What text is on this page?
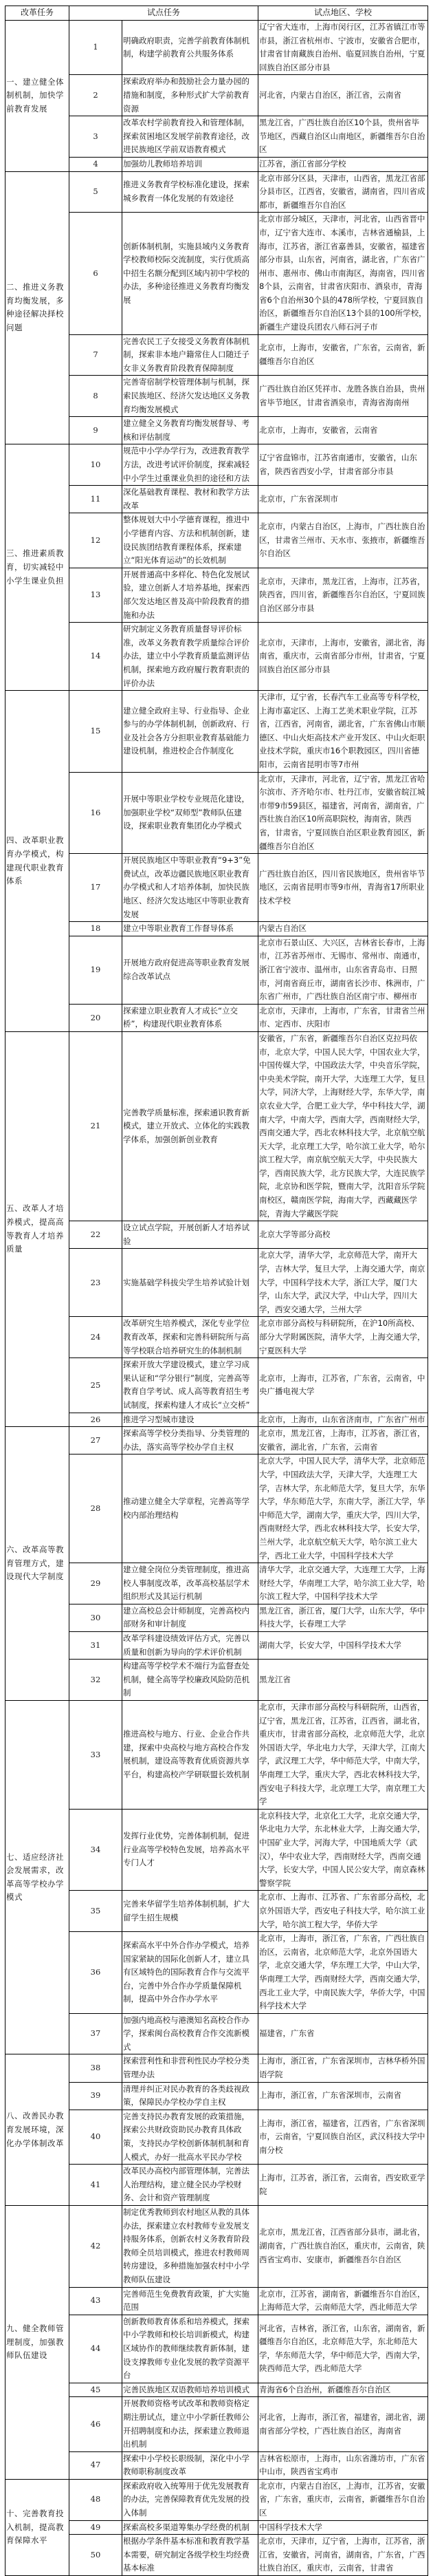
改革任务	试点任务		试点地区、学校
一、建立健全体制机制，加快学前教育发展	1	明确政府职责，完善学前教育体制机制，构建学前教育公共服务体系	辽宁省大连市，上海市闵行区，江苏省镇江市等市县，浙江省杭州市、宁波市，安徽省合肥市，甘肃省甘南藏族自治州、临夏回族自治州，宁夏回族自治区部分市县
	2	探索政府举办和鼓励社会力量办园的措施和制度，多种形式扩大学前教育资源	河北省，内蒙古自治区，浙江省，云南省
	3	改革农村学前教育投入和管理体制，探索贫困地区发展学前教育途径，改进民族地区学前双语教育模式	黑龙江省，广西壮族自治区10个县，贵州省毕节地区，西藏自治区山南地区，新疆维吾尔自治区
	4	加强幼儿教师培养培训	江苏省，浙江省部分学校
二、推进义务教育均衡发展，多种途径解决择校问题	5	推进义务教育学校标准化建设，探索城乡教育一体化发展的有效途径	北京市部分区县，天津市，山西省，黑龙江省部分县市区，江西省，安徽省，湖南省，四川省成都市，新疆维吾尔自治区
	6	创新体制机制，实施县域内义务教育学校教师校际交流制度，实行优质高中招生名额分配到区域内初中学校的办法，多种途径推进义务教育均衡发展	北京市部分城区，天津市，河北省，山西省晋中市，辽宁省大连市、本溪市，吉林省通榆县，上海市，江苏省，浙江省嘉善县，安徽省，福建省部分市县，山东省，河南省，湖北省，广东省广州市、惠州市、佛山市南海区，海南省，四川省8个县，云南省，甘肃省庆阳市、酒泉市，青海省6个自治州30个县的478所学校，宁夏回族自治区，新疆维吾尔自治区13个县的100所学校，新疆生产建设兵团农八师石河子市
	7	完善农民工子女接受义务教育体制机制，探索非本地户籍常住人口随迁子女非义务教育阶段教育保障制度	北京市，上海市，安徽省，广东省，云南省，新疆维吾尔自治区
	8	完善寄宿制学校管理体制与机制，探索民族地区、经济欠发达地区义务教育均衡发展模式	广西壮族自治区凭祥市、龙胜各族自治县，贵州省毕节地区，甘肃省酒泉市，青海省海南州
	9	建立健全义务教育均衡发展督导、考核和评估制度	北京市，上海市，安徽省，云南省
三、推进素质教育，切实减轻中小学生课业负担	10	规范中小学办学行为，改进教育教学方法，改进考试评价制度，探索减轻中小学生过重课业负担的途径和方法	辽宁省盘锦市，江苏省南通市，安徽省，山东省，陕西省西安小学，甘肃省部分市县
	11	深化基础教育课程、教材和教学方法改革	北京市，广东省深圳市
	12	整体规划大中小学德育课程，推进中小学德育内容、方法和机制创新，建设民族团结教育课程体系，探索建立“阳光体育运动”的长效机制	北京市，内蒙古自治区，上海市，广西壮族自治区，甘肃省兰州市、天水市、张掖市，新疆维吾尔自治区
	13	开展普通高中多样化、特色化发展试验，建立创新人才培养基地，探索西部欠发达地区普及高中阶段教育的措施和办法	北京市，天津市，黑龙江省，上海市，江苏省，陕西省，四川省，新疆维吾尔自治区，宁夏回族自治区部分市县
	14	研究制定义务教育质量督导评价标准，改革义务教育教学质量综合评价办法，建立中小学教育质量监测评估机制，探索地方政府履行教育职责的评价办法	北京市，天津市，上海市，安徽省，湖北省，海南省，重庆市，云南省部分市州，甘肃省，宁夏回族自治区部分市县
四、改革职业教育办学模式，构建现代职业教育体系	15	建立健全政府主导、行业指导、企业参与的办学体制机制，创新政府、行业及社会各方分担职业教育基础能力建设机制，推进校企合作制度化	天津市，辽宁省，长春汽车工业高等专科学校，上海市嘉定区、上海工艺美术职业学院，江苏省，江西省，河南省，湖北省，广东省佛山市顺德区、中山火炬高技术产业开发区、中山火炬职业技术学院，重庆市16个职教园区，四川省德阳市，云南省昆明市等7市州
	16	开展中等职业学校专业规范化建设，加强职业学校“双师型”教师队伍建设，探索职业教育集团化办学模式	北京市，天津市，河北省，辽宁省，黑龙江省哈尔滨市、齐齐哈尔市、牡丹江市，安徽省皖江城市带9市59县区，福建省，河南省，湖南省，广西壮族自治区10所高职院校，海南省，陕西省，甘肃省，宁夏回族自治区职业教育园区，新疆维吾尔自治区
	17	开展民族地区中等职业教育“9+3”免费试点，改革边疆民族地区职业教育办学模式和人才培养体制，加快民族地区、经济欠发达地区中等职业教育发展	广西壮族自治区，四川省民族地区，贵州省毕节地区，云南省昆明市等9市州，青海省17所职业技术学校
	18	建立中等职业教育工作督导体系	内蒙古自治区
	19	开展地方政府促进高等职业教育发展综合改革试点	北京市石景山区、大兴区，吉林省长春市，上海市，江苏省苏州市、无锡市、常州市、南通市，浙江省宁波市、温州市，山东省青岛市、日照市，河南省商丘市，湖南省长沙市、株洲市，广东省广州市，广西壮族自治区南宁市、柳州市
	20	探索建立职业教育人才成长“立交桥”，构建现代职业教育体系	北京市，天津市，上海市，广东省，甘肃省兰州市、定西市、庆阳市
五、改革人才培养模式，提高高等教育人才培养质量	21	完善教学质量标准，探索通识教育新模式，建立开放式、立体化的实践教学体系，加强创新创业教育	安徽省，广东省，新疆维吾尔自治区克拉玛依市，北京大学，中国人民大学，中国农业大学，中国传媒大学，中国政法大学，中央音乐学院，中央美术学院，南开大学，大连理工大学，复旦大学，同济大学，上海财经大学，东华大学，南京农业大学，合肥工业大学，华中科技大学，湖南大学，中南大学，西南大学，西南财经大学，西南交通大学，西北农林科技大学，北京航空航天大学，北京理工大学，哈尔滨工业大学，哈尔滨工程大学，南京航空航天大学，中央民族大学，西南民族大学，北方民族大学，大连民族学院，北京协和医学院，暨南大学，沈阳音乐学院南校区，赣南医学院，海南大学，西藏藏医学院，青海大学藏医学院
	22	设立试点学院，开展创新人才培养试验	北京大学等部分高校
	23	实施基础学科拔尖学生培养试验计划	北京大学，清华大学，北京师范大学，南开大学，吉林大学，复旦大学，上海交通大学，南京大学，中国科学技术大学，浙江大学，厦门大学，山东大学，武汉大学，中山大学，四川大学，西安交通大学，兰州大学
	24	改革研究生培养模式，深化专业学位教育改革，探索和完善科研院所与高等学校联合培养研究生的体制机制	北京市部分高校与科研院所，在沪10所高校、部分大学附属医院，清华大学，上海交通大学，宁夏医科大学
	25	探索开放大学建设模式，建立学习成果认证和“学分银行”制度，完善高等教育自学考试、成人高等教育招生考试制度，探索构建人才成长“立交桥”	北京市，上海市，江苏省，广东省，云南省，中央广播电视大学
	26	推进学习型城市建设	北京市，上海市，山东省济南市，广东省广州市
六、改革高等教育管理方式，建设现代大学制度	27	探索高等学校分类指导、分类管理的办法，落实高等学校办学自主权	北京市，黑龙江省，上海市，江苏省，浙江省，安徽省，湖北省，广东省，云南省
	28	推动建立健全大学章程，完善高等学校内部治理结构	北京大学，中国人民大学，清华大学，北京师范大学，中国政法大学，天津大学，大连理工大学，吉林大学，东北师范大学，复旦大学，东华大学，华东师范大学，东南大学，浙江大学，华中师范大学，湖南大学，重庆大学，四川大学，西南财经大学，西北农林科技大学，长安大学，兰州大学，北京航空航天大学，哈尔滨工业大学，西北工业大学，中国科学技术大学
	29	建立健全岗位分类管理制度，推进高校人事制度改革，改革高校基层学术组织形式及其运行机制	清华大学，北京交通大学，大连理工大学，上海财经大学，华南理工大学，哈尔滨工业大学，哈尔滨工程大学，中国科学技术大学
	30	建立高校总会计师制度，完善高校内部财务和审计制度	黑龙江省，浙江省，厦门大学，山东大学，华中科技大学，长春理工大学
	31	改革学科建设绩效评估方式，完善以质量和创新为导向的学术评价机制	湖南大学，长安大学，中国科学技术大学
	32	构建高等学校学术不端行为监督查处机制，健全高等学校廉政风险防范机制	黑龙江省
七、适应经济社会发展需求，改革高等学校办学模式	33	推进高校与地方、行业、企业合作共建，探索中央高校与地方高校合作发展机制，建设高等教育优质资源共享平台，构建高校产学研联盟长效机制	北京市，天津市部分高校与科研院所，山西省，辽宁省，黑龙江省，江苏省，江西省，湖北省，重庆市，甘肃省部分高校，北京师范大学，北京外国语大学，华北电力大学，天津大学，江南大学，武汉理工大学，华中师范大学，中南大学，华南理工大学，重庆大学，西北农林科技大学，西安电子科技大学，北京理工大学，南京理工大学
	34	发挥行业优势，完善体制机制，促进行业高等学校特色发展，培养高水平专门人才	北京科技大学，北京化工大学，北京交通大学，华北电力大学，东北林业大学，上海交通大学，中国矿业大学，河海大学，中国地质大学（武汉），华中农业大学，西南财经大学，西南交通大学，长安大学，中国人民公安大学，南京森林警察学院
	35	完善来华留学生培养体制机制，扩大留学生招生规模	北京市、上海市、江苏省、广东省部分高校，北京外国语大学，西安电子科技大学，哈尔滨工业大学，哈尔滨工程大学，华侨大学
	36	探索高水平中外合作办学模式，培养国家紧缺的国际化创新人才，建立具有区域特色的国际教育合作与交流平台，完善中外合作办学质量保障机制，提高中外合作办学水平	北京市，上海市，浙江省，广东省，广西壮族自治区，云南省，北京师范大学，北京外国语大学，北京交通大学，华东理工大学，中山大学，华南理工大学，西南财经大学，西南交通大学，西北工业大学，中南民族大学，华侨大学，中国科学技术大学
	37	加强内地高校与港澳知名高校合作办学，探索闽台高校教育合作交流新模式	福建省，广东省
八、改善民办教育发展环境，深化办学体制改革	38	探索营利性和非营利性民办学校分类管理办法	上海市，浙江省，广东省深圳市，吉林华桥外国语学院
	39	清理并纠正对民办教育的各类歧视政策，保障民办学校办学自主权	上海市，浙江省，广东省深圳市，云南省
	40	完善支持民办教育发展的政策措施，探索公共财政资助民办教育具体政策，支持民办学校创新体制机制和育人模式，办好一批高水平民办学校	上海市，浙江省，福建省，江西省，广东省深圳市，云南省，宁夏回族自治区，武汉科技大学中南分校
	41	改革民办高校内部管理体制，完善法人治理结构，建立健全民办学校财务、会计和资产管理制度	上海市，江苏省，浙江省，云南省，西安欧亚学院
九、健全教师管理制度，加强教师队伍建设	42	制定优秀教师到农村地区从教的具体办法，探索建立农村教师专业发展支持服务体系，创新农村义务教育阶段教师全员培训模式，推进农村教师周转房建设，多种措施加强农村中小学教师队伍建设	北京市，黑龙江省，江西省部分县市，湖北省，湖南省，广西壮族自治区，重庆市，云南省，陕西省宝鸡市、安康市，新疆维吾尔自治区
	43	完善师范生免费教育政策，扩大实施范围	北京市，江苏省，湖南省，新疆维吾尔自治区，上海师范大学，云南师范大学，西北师范大学
	44	创新教师教育体系和培养模式，探索中小学教师和校长培训新模式，构建区域协作的教师继续教育新体制，建设支撑教师专业化发展的教学资源平台	河北省，吉林省，浙江省，山东省，湖南省，新疆维吾尔自治区，北京师范大学，东北师范大学，华东师范大学，华中师范大学，西南大学，陕西师范大学，西北师范大学
	45	完善民族地区双语教师培养培训模式	青海省6个自治州，新疆维吾尔自治区
	46	开展教师资格考试改革和教师资格定期注册试点，建立中小学新任教师公开招聘制度和办法，探索建立教师退出机制	河北省，上海市，浙江省，福建省，湖北省，湖南省部分学校，广西壮族自治区，海南省
	47	探索中小学校长职级制，深化中小学教师职称制度改革	吉林省松原市，上海市，山东省潍坊市，广东省中山市，陕西省宝鸡市
十、完善教育投入机制，提高教育保障水平	48	探索政府收入统筹用于优先发展教育的办法，完善保障教育优先发展的投入体制	北京市，内蒙古自治区，上海市，江苏省，安徽省，广东省，重庆市，云南省，新疆维吾尔自治区
	49	探索高校多渠道筹集办学经费的机制	中国科学技术大学
	50	根据办学条件基本标准和教育教学基本需要，研究制定各级学校生均经费基本标准	北京市，天津市，辽宁省，上海市，江苏省，浙江省，安徽省，河南省，湖南省，广东省，广西壮族自治区，重庆市，云南省，甘肃省
